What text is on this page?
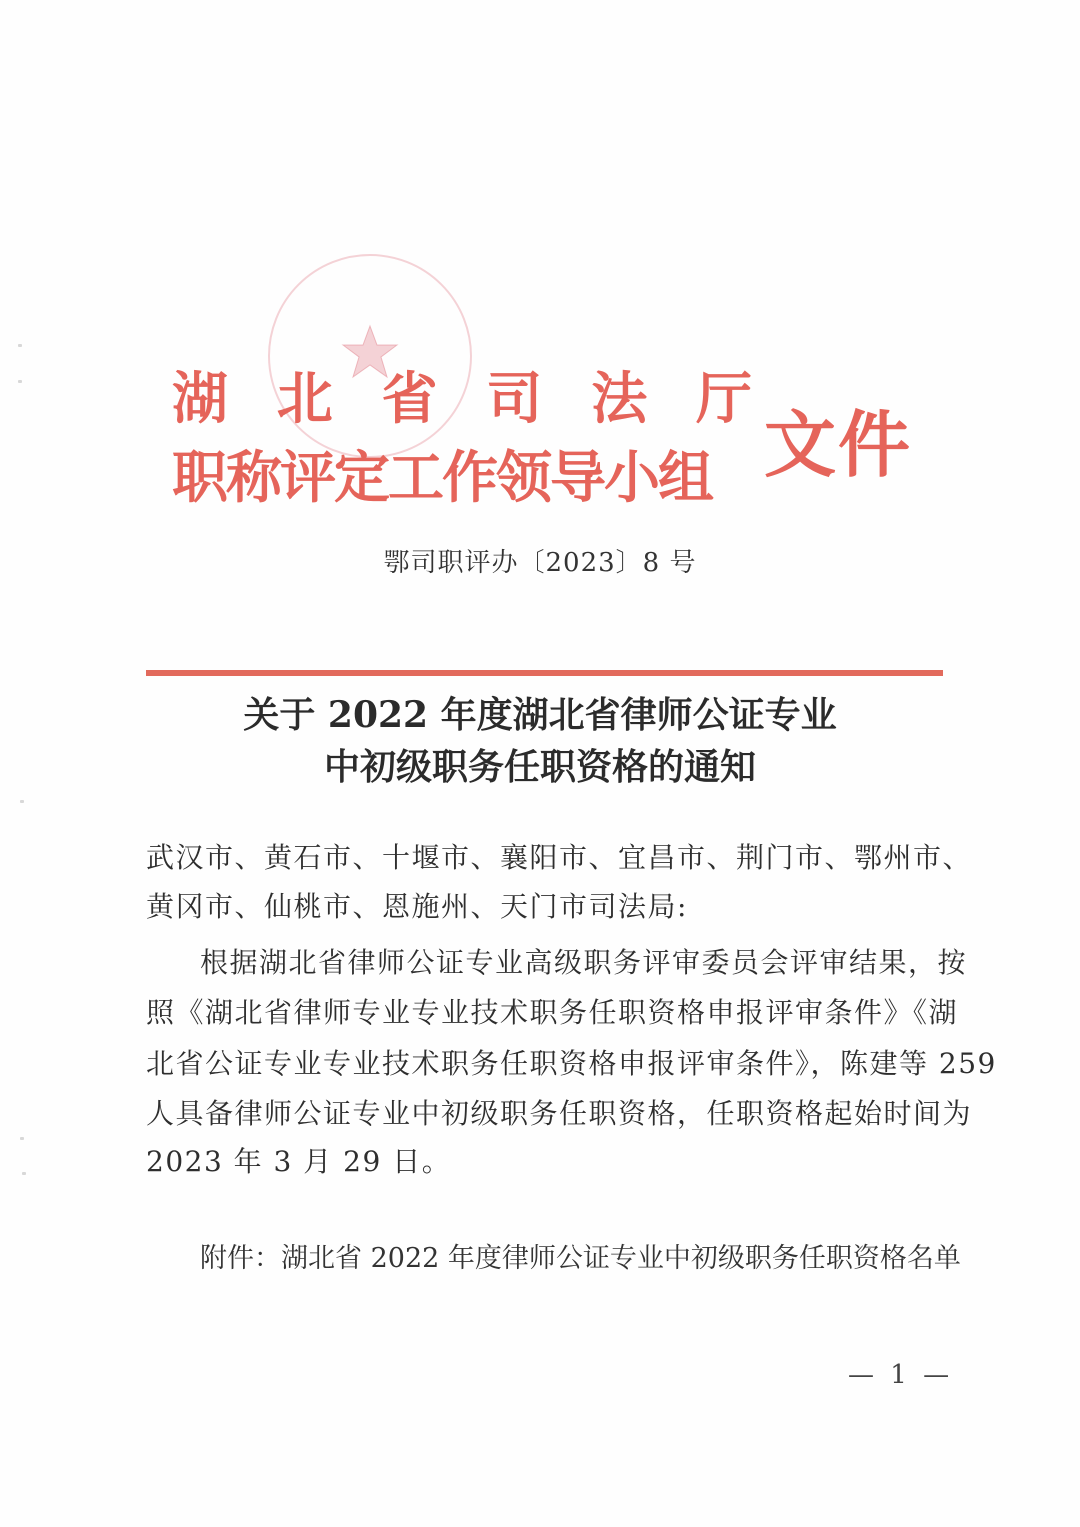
湖 北 省 司 法 厅
职称评定工作领导小组 文件
鄂司职评办〔2023〕8 号
关于 2022 年度湖北省律师公证专业
中初级职务任职资格的通知
武汉市、黄石市、十堰市、襄阳市、宜昌市、荆门市、鄂州市、
黄冈市、仙桃市、恩施州、天门市司法局:
根据湖北省律师公证专业高级职务评审委员会评审结果，按
照《湖北省律师专业专业技术职务任职资格申报评审条件》《湖
北省公证专业专业技术职务任职资格申报评审条件》，陈建等 259
人具备律师公证专业中初级职务任职资格，任职资格起始时间为
2023 年 3 月 29 日。
附件：湖北省 2022 年度律师公证专业中初级职务任职资格名单
— 1 —
